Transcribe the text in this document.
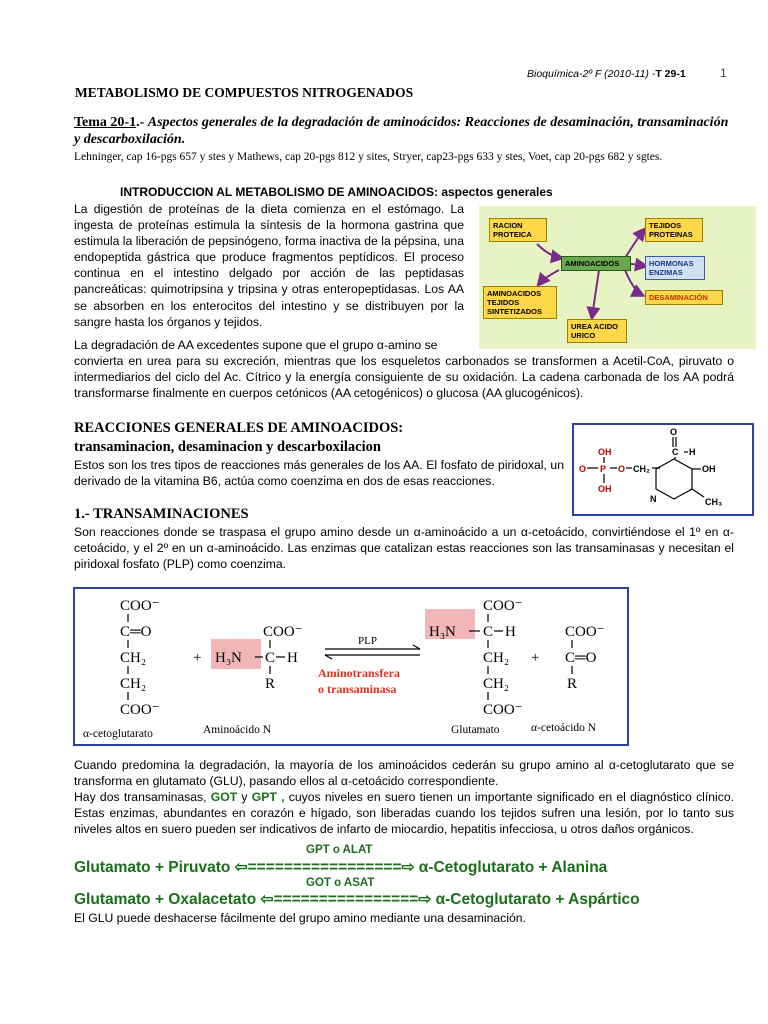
Bioquímica-2º F (2010-11) -T 29-1	1
METABOLISMO DE COMPUESTOS NITROGENADOS
Tema 20-1.- Aspectos generales de la degradación de aminoácidos: Reacciones de desaminación, transaminación y descarboxilación.
Lehninger, cap 16-pgs 657 y stes y Mathews, cap 20-pgs 812 y sites, Stryer, cap23-pgs 633 y stes, Voet, cap 20-pgs 682 y sgtes.
INTRODUCCION AL METABOLISMO DE AMINOACIDOS: aspectos generales
La digestión de proteínas de la dieta comienza en el estómago. La ingesta de proteínas estimula la síntesis de la hormona gastrina que estimula la liberación de pepsinógeno, forma inactiva de la pépsina, una endopeptida gástrica que produce fragmentos peptídicos. El proceso continua en el intestino delgado por acción de las peptidasas pancreáticas: quimotripsina y tripsina y otras enteropeptidasas. Los AA se absorben en los enterocitos del intestino y se distribuyen por la sangre hasta los órganos y tejidos.
La degradación de AA excedentes supone que el grupo α-amino se
convierta en urea para su excreción, mientras que los esqueletos carbonados se transformen a Acetil-CoA, piruvato o intermediarios del ciclo del Ac. Cítrico y la energía consiguiente de su oxidación. La cadena carbonada de los AA podrá transformarse finalmente en cuerpos cetónicos (AA cetogénicos) o glucosa (AA glucogénicos).
RACION PROTEICA
TEJIDOS PROTEINAS
AMINOACIDOS	HORMONAS ENZIMAS
AMINOACIDOS TEJIDOS SINTETIZADOS
DESAMINACIÓN
UREA ACIDO URICO
REACCIONES GENERALES DE AMINOACIDOS:
transaminacion, desaminacion y descarboxilacion
Estos son los tres tipos de reacciones más generales de los AA. El fosfato de piridoxal, un derivado de la vitamina B6, actúa como coenzima en dos de esas reacciones.
OH
O P O
OH
CH₂	OH
O
C H
N	CH₃
1.- TRANSAMINACIONES
Son reacciones donde se traspasa el grupo amino desde un α-aminoácido a un α-cetoácido, convirtiéndose el 1º en α-cetoácido, y el 2º en un α-aminoácido. Las enzimas que catalizan estas reacciones son las transaminasas y necesitan el piridoxal fosfato (PLP) como coenzima.
COO⁻
C═O
CH₂
CH₂
COO⁻
+
COO⁻
H₃N C H
R
COO⁻
H₃N C H
CH₂
CH₂
COO⁻
+
COO⁻
C═O
R
PLP
Aminotransfera
o transaminasa
α-cetoglutarato	Aminoácido N	Glutamato	α-cetoácido N
Cuando predomina la degradación, la mayoría de los aminoácidos cederán su grupo amino al α-cetoglutarato que se transforma en glutamato (GLU), pasando ellos al α-cetoácido correspondiente.
Hay dos transaminasas, GOT y GPT , cuyos niveles en suero tienen un importante significado en el diagnóstico clínico. Estas enzimas, abundantes en corazón e hígado, son liberadas cuando los tejidos sufren una lesión, por lo tanto sus niveles altos en suero pueden ser indicativos de infarto de miocardio, hepatitis infecciosa, u otros daños orgánicos.
GPT o ALAT
Glutamato + Piruvato ⇦=================⇨ α-Cetoglutarato + Alanina
GOT o ASAT
Glutamato + Oxalacetato ⇦================⇨ α-Cetoglutarato + Aspártico
El GLU puede deshacerse fácilmente del grupo amino mediante una desaminación.
